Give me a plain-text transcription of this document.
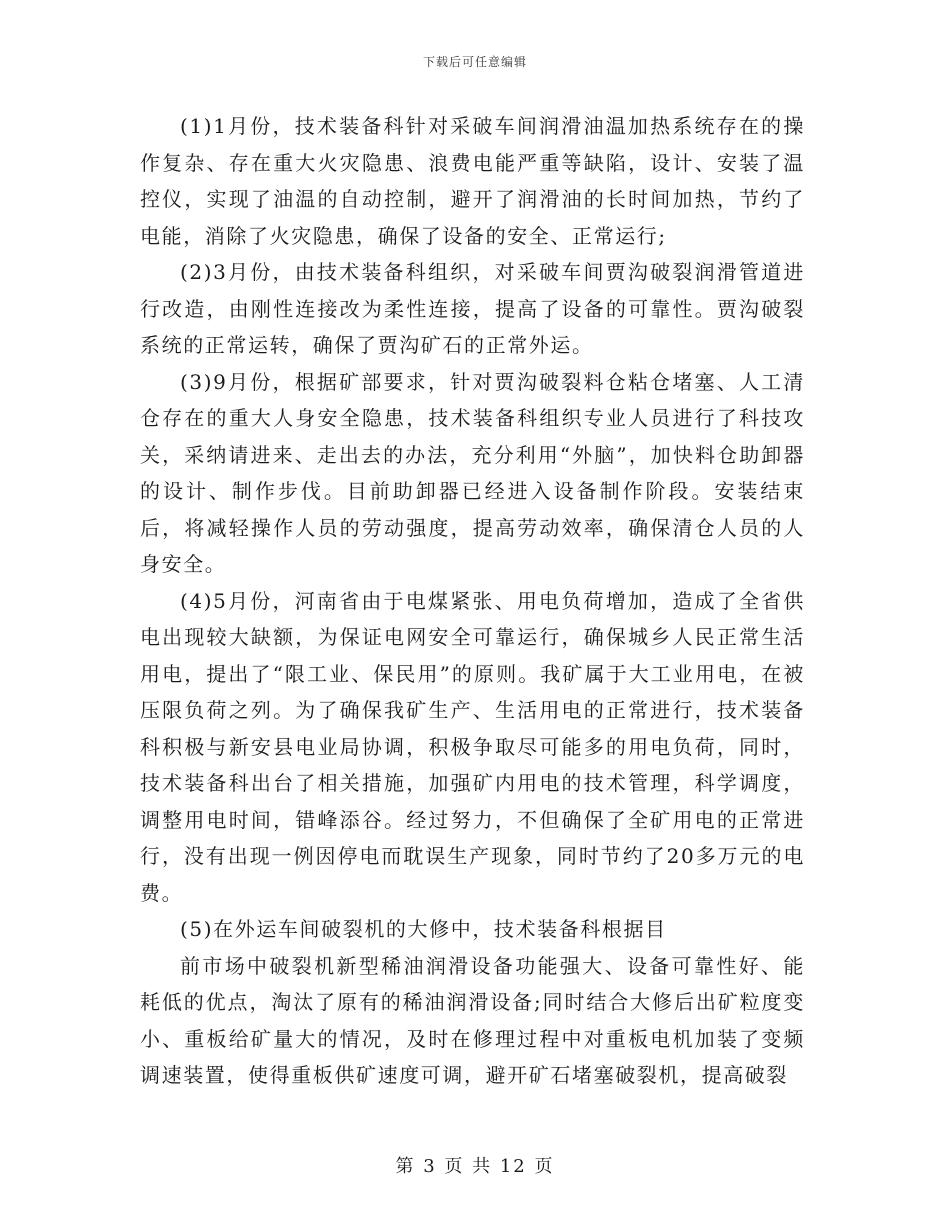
下载后可任意编辑

(1)1月份，技术装备科针对采破车间润滑油温加热系统存在的操作复杂、存在重大火灾隐患、浪费电能严重等缺陷，设计、安装了温控仪，实现了油温的自动控制，避开了润滑油的长时间加热，节约了电能，消除了火灾隐患，确保了设备的安全、正常运行;

(2)3月份，由技术装备科组织，对采破车间贾沟破裂润滑管道进行改造，由刚性连接改为柔性连接，提高了设备的可靠性。贾沟破裂系统的正常运转，确保了贾沟矿石的正常外运。

(3)9月份，根据矿部要求，针对贾沟破裂料仓粘仓堵塞、人工清仓存在的重大人身安全隐患，技术装备科组织专业人员进行了科技攻关，采纳请进来、走出去的办法，充分利用“外脑”，加快料仓助卸器的设计、制作步伐。目前助卸器已经进入设备制作阶段。安装结束后，将减轻操作人员的劳动强度，提高劳动效率，确保清仓人员的人身安全。

(4)5月份，河南省由于电煤紧张、用电负荷增加，造成了全省供电出现较大缺额，为保证电网安全可靠运行，确保城乡人民正常生活用电，提出了“限工业、保民用”的原则。我矿属于大工业用电，在被压限负荷之列。为了确保我矿生产、生活用电的正常进行，技术装备科积极与新安县电业局协调，积极争取尽可能多的用电负荷，同时，技术装备科出台了相关措施，加强矿内用电的技术管理，科学调度，调整用电时间，错峰添谷。经过努力，不但确保了全矿用电的正常进行，没有出现一例因停电而耽误生产现象，同时节约了20多万元的电费。

(5)在外运车间破裂机的大修中，技术装备科根据目

前市场中破裂机新型稀油润滑设备功能强大、设备可靠性好、能耗低的优点，淘汰了原有的稀油润滑设备;同时结合大修后出矿粒度变小、重板给矿量大的情况，及时在修理过程中对重板电机加装了变频调速装置，使得重板供矿速度可调，避开矿石堵塞破裂机，提高破裂

第 3 页 共 12 页
